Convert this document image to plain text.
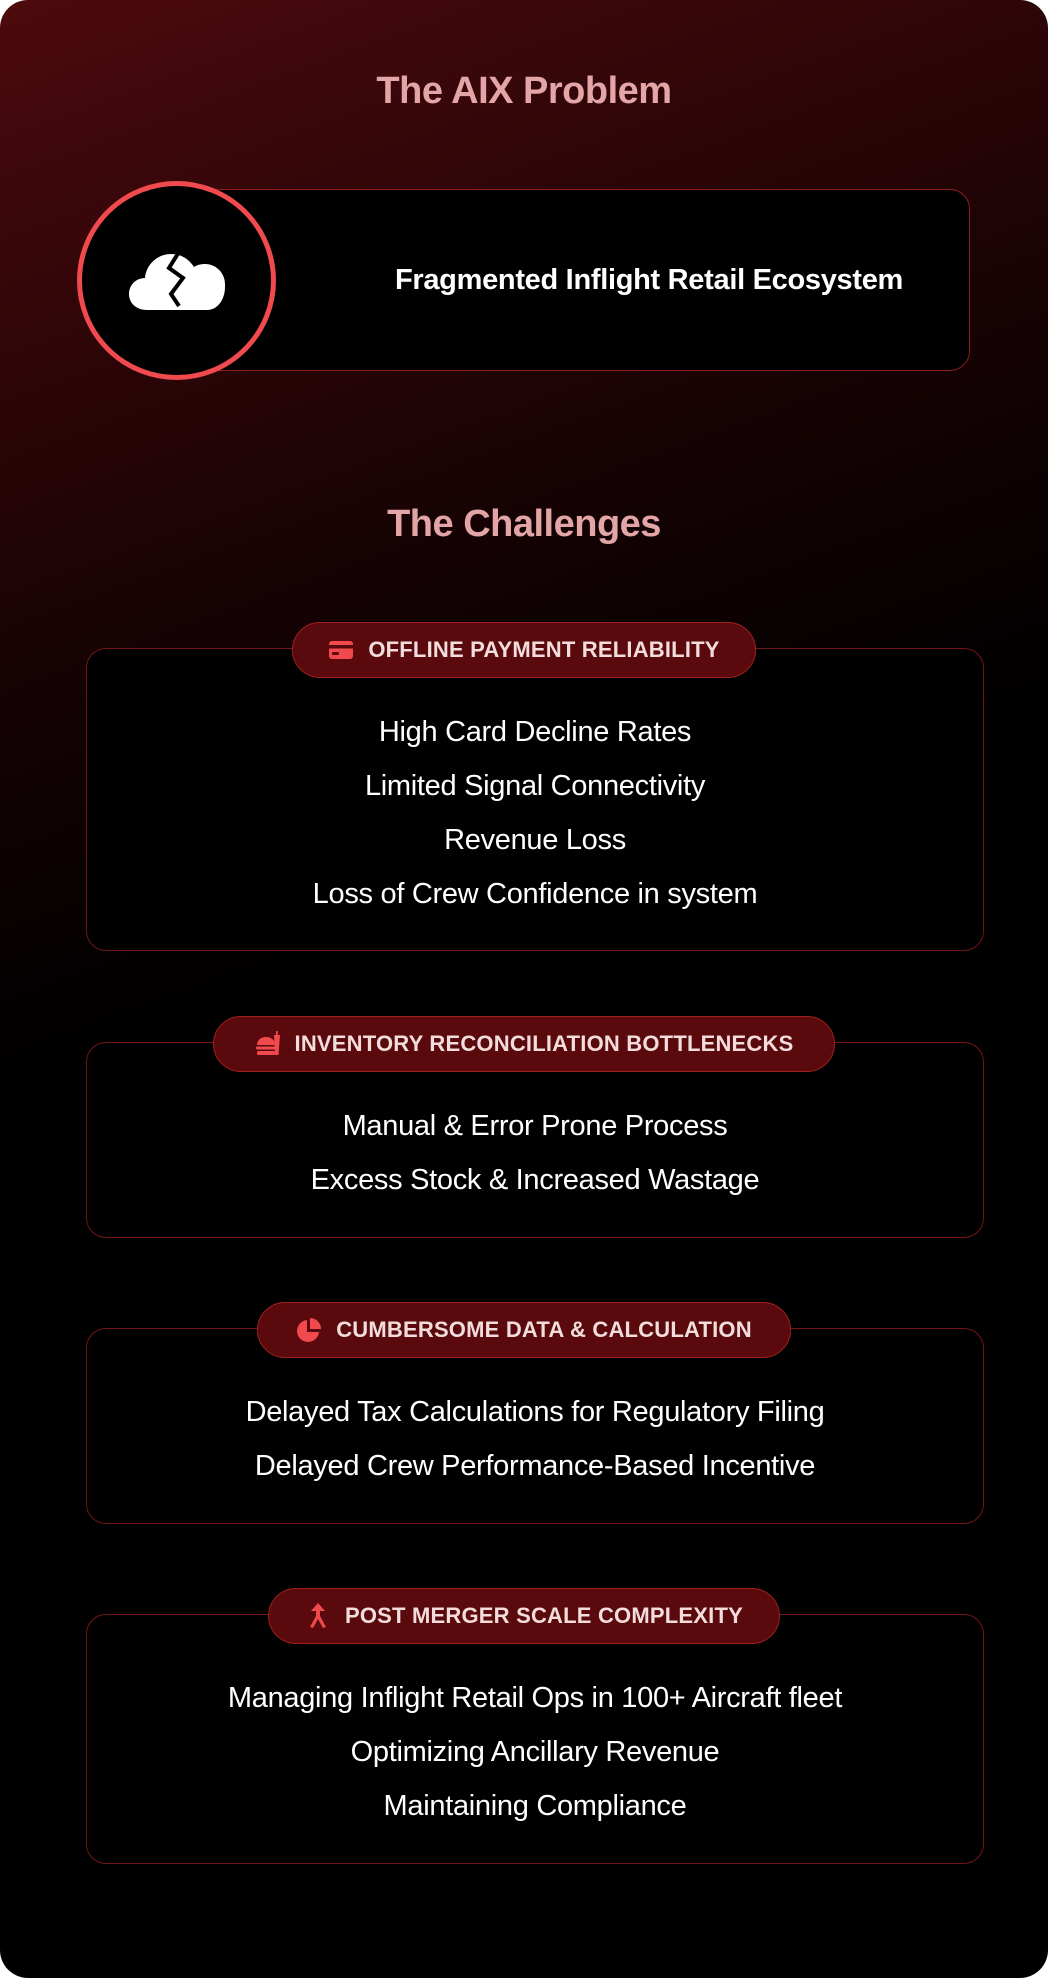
The AIX Problem
Fragmented Inflight Retail Ecosystem
The Challenges
High Card Decline Rates
Limited Signal Connectivity
Revenue Loss
Loss of Crew Confidence in system
OFFLINE PAYMENT RELIABILITY
Manual & Error Prone Process
Excess Stock & Increased Wastage
INVENTORY RECONCILIATION BOTTLENECKS
Delayed Tax Calculations for Regulatory Filing
Delayed Crew Performance-Based Incentive
CUMBERSOME DATA & CALCULATION
Managing Inflight Retail Ops in 100+ Aircraft fleet
Optimizing Ancillary Revenue
Maintaining Compliance
POST MERGER SCALE COMPLEXITY
